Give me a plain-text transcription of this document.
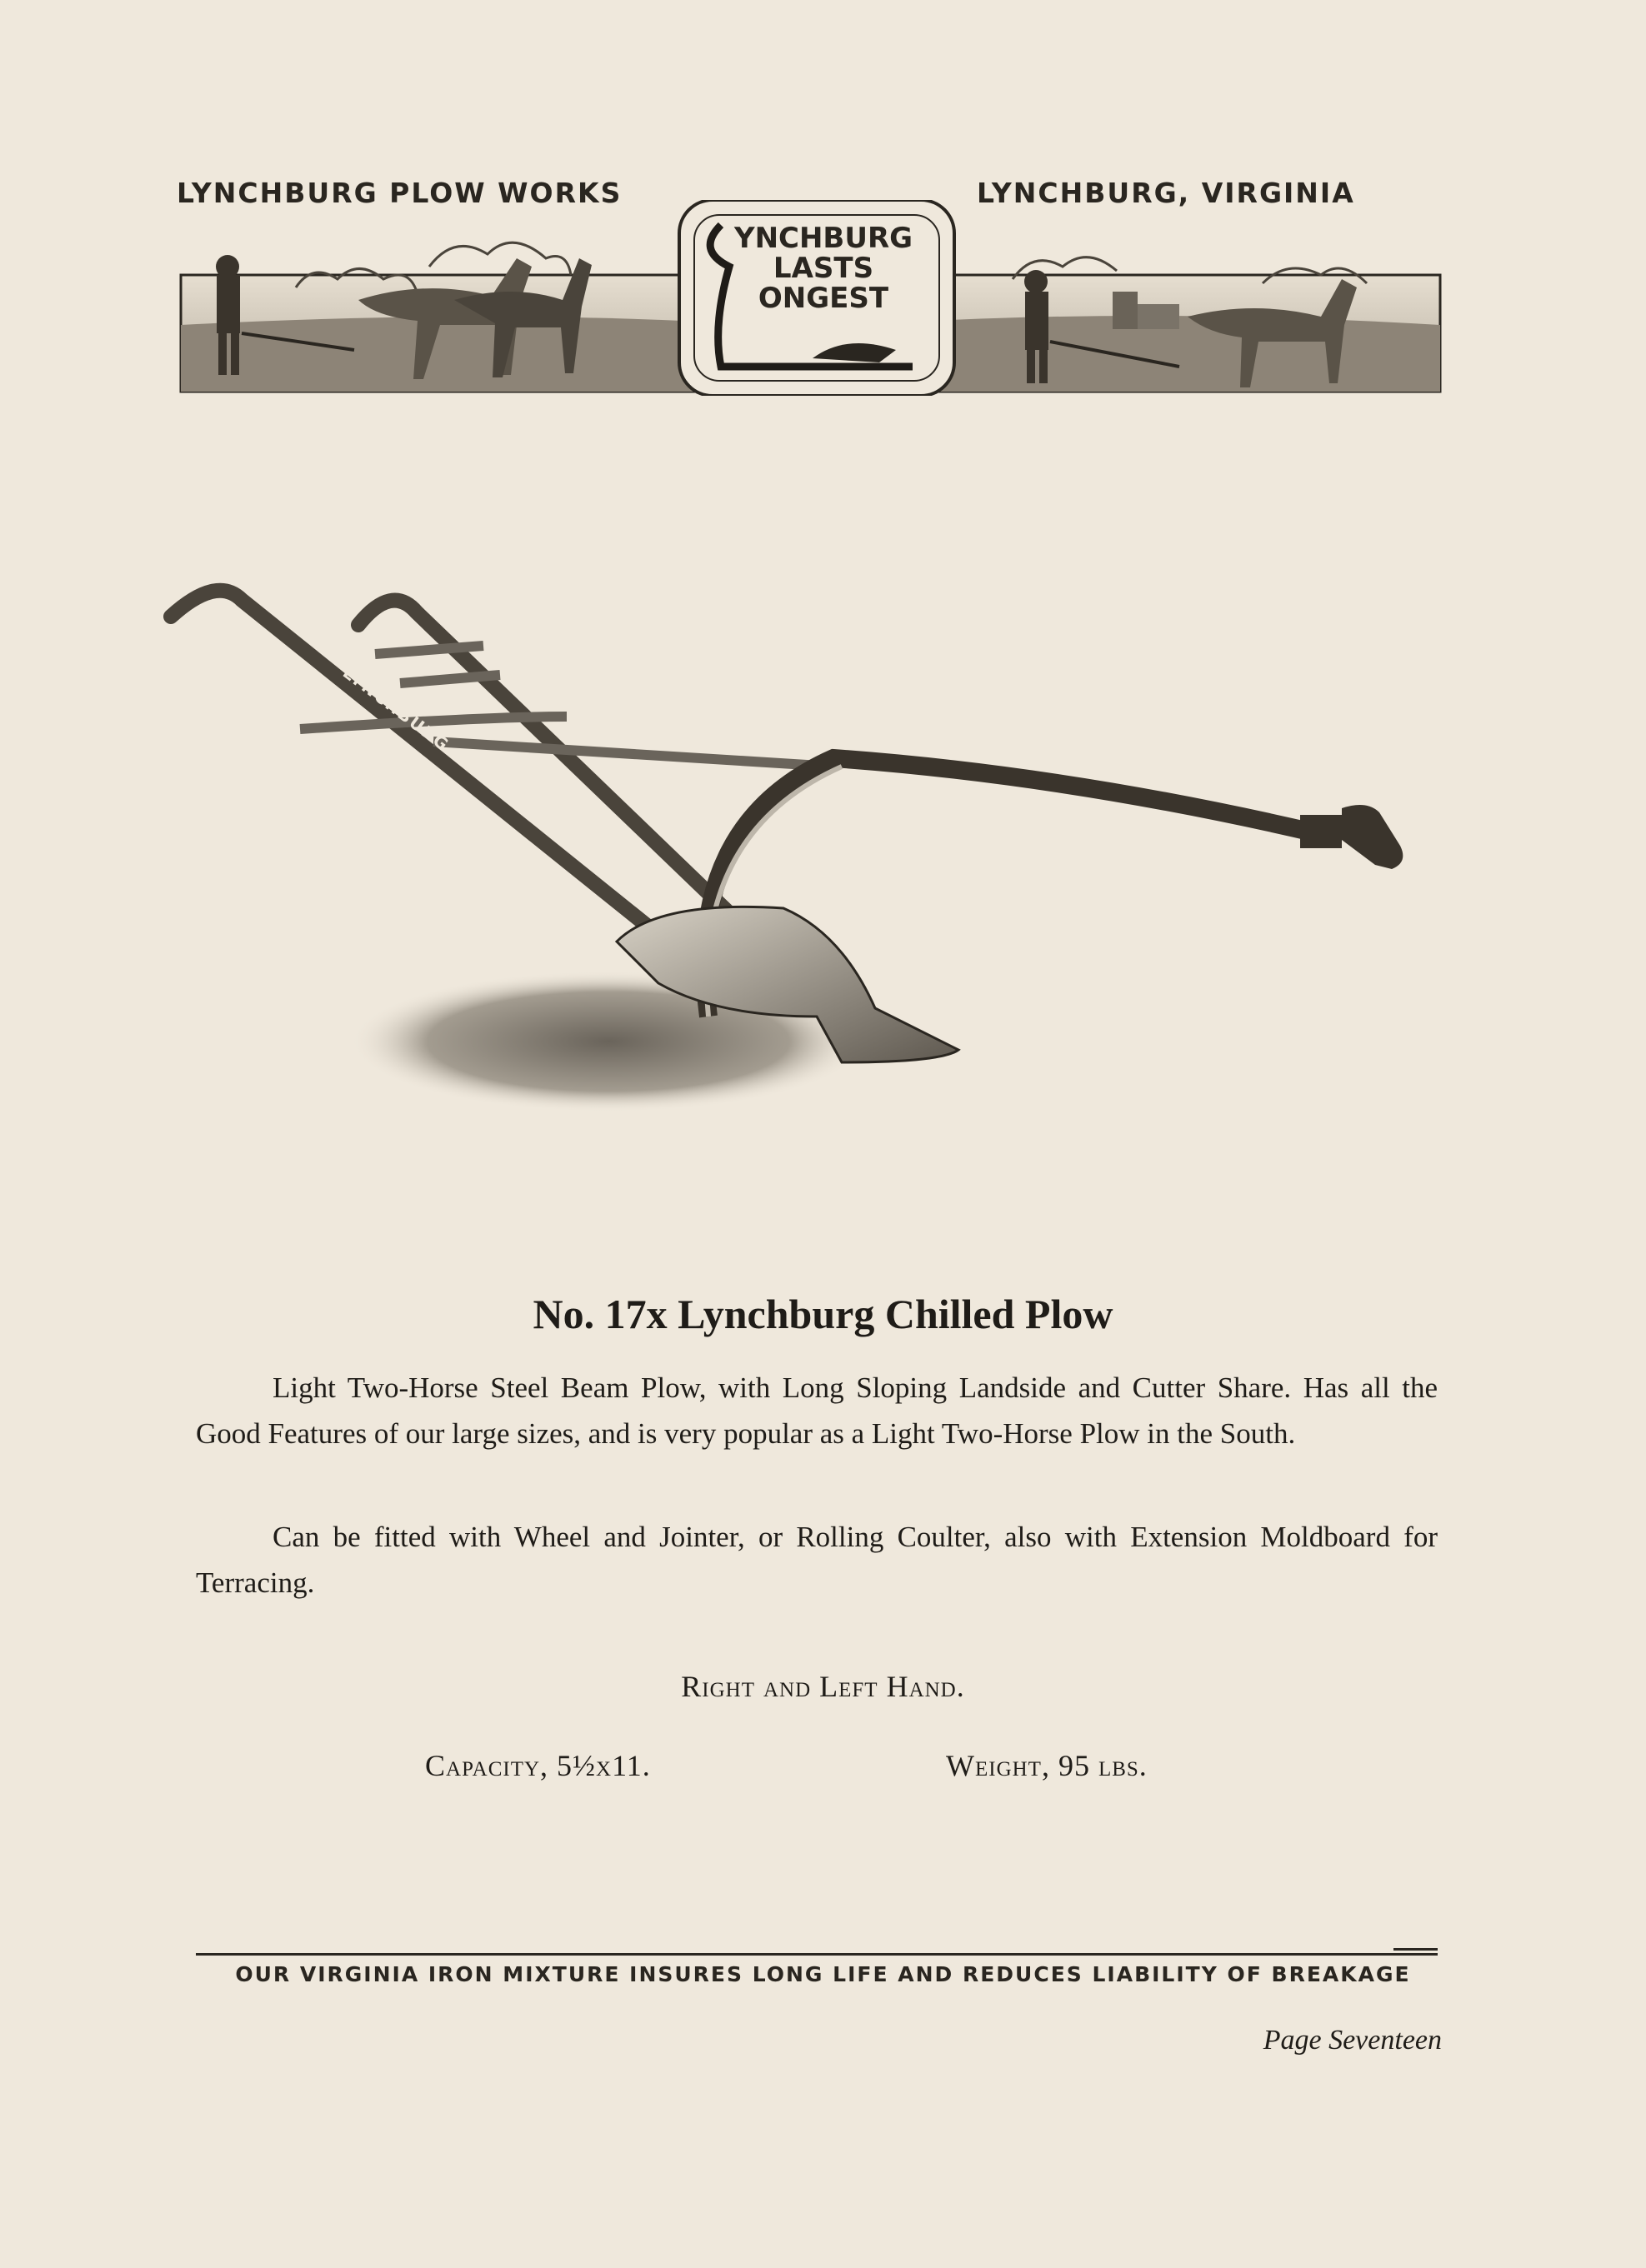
LYNCHBURG PLOW WORKS	LYNCHBURG, VIRGINIA
YNCHBURG
LASTS
ONGEST
LYNCHBURG 17XR
No. 17x Lynchburg Chilled Plow
Light Two-Horse Steel Beam Plow, with Long Sloping Landside and Cutter Share. Has all the Good Features of our large sizes, and is very popular as a Light Two-Horse Plow in the South.
Can be fitted with Wheel and Jointer, or Rolling Coulter, also with Extension Moldboard for Terracing.
Right and Left Hand.
Capacity, 5½x11.	Weight, 95 lbs.
OUR VIRGINIA IRON MIXTURE INSURES LONG LIFE AND REDUCES LIABILITY OF BREAKAGE
Page Seventeen
